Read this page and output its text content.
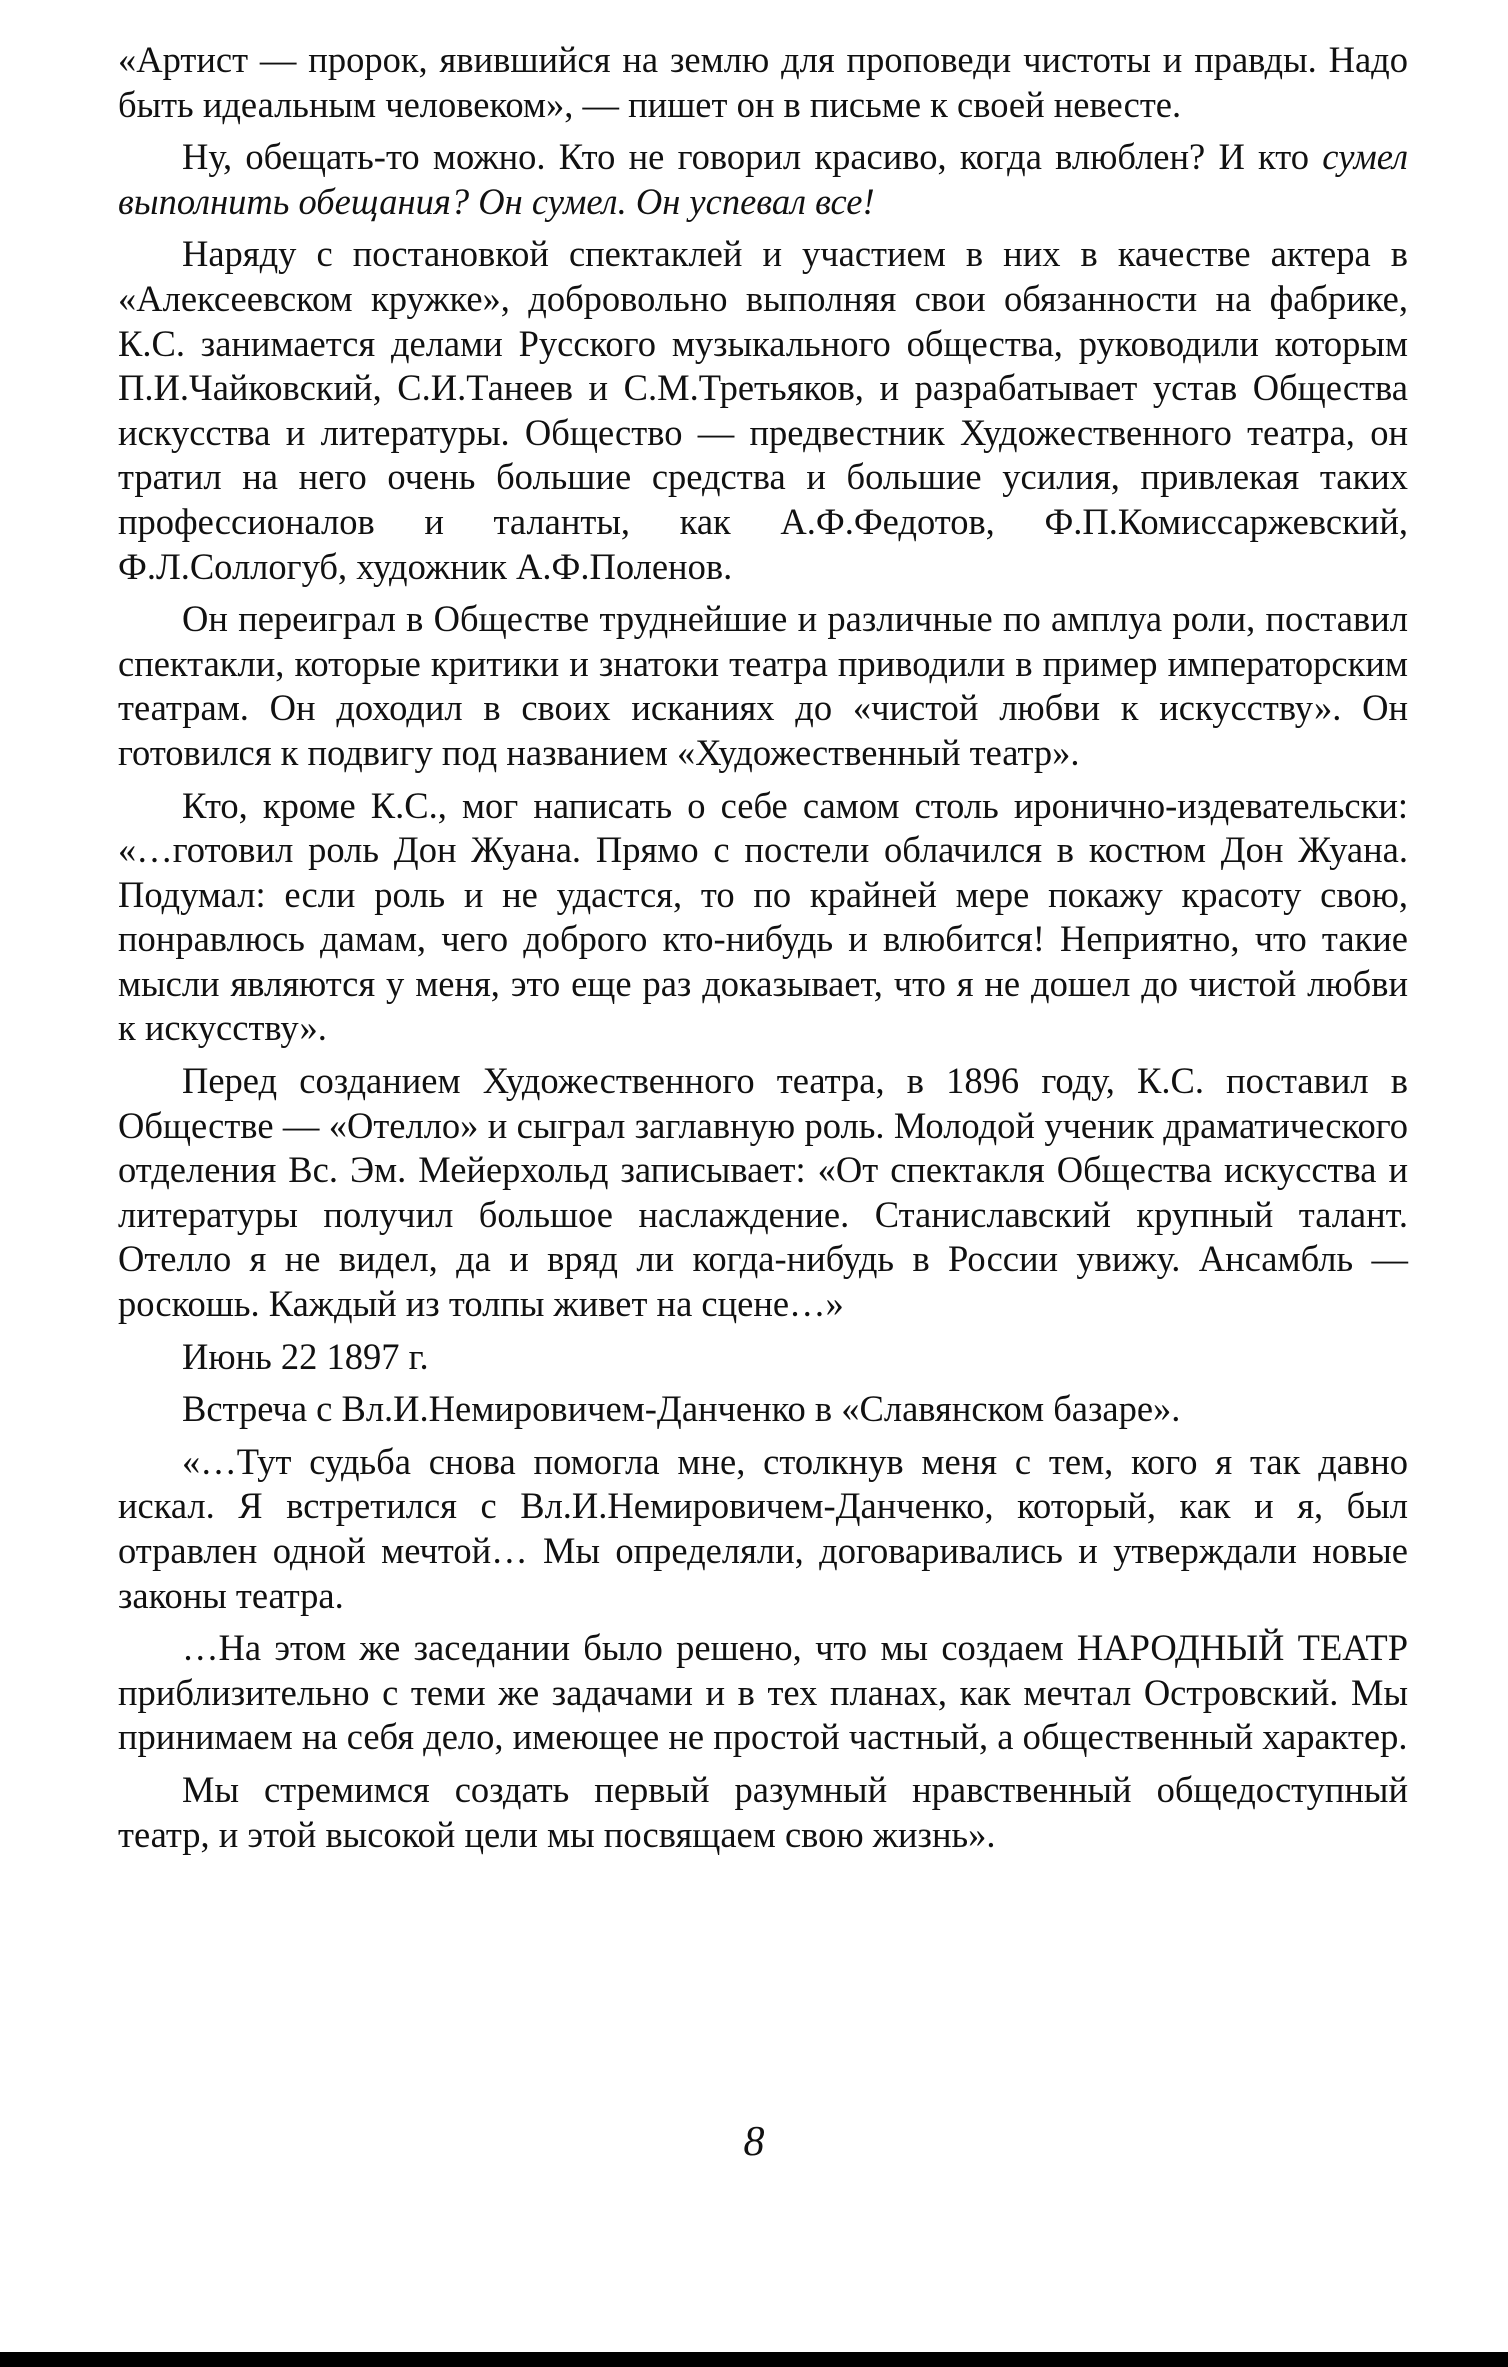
«Артист — пророк, явившийся на землю для проповеди чистоты и правды. Надо быть идеальным человеком», — пишет он в письме к своей невесте.

Ну, обещать-то можно. Кто не говорил красиво, когда влюблен? И кто сумел выполнить обещания? Он сумел. Он успевал все!

Наряду с постановкой спектаклей и участием в них в качестве актера в «Алексеевском кружке», добровольно выполняя свои обязанности на фабрике, К.С. занимается делами Русского музыкального общества, руководили которым П.И.Чайковский, С.И.Танеев и С.М.Третьяков, и разрабатывает устав Общества искусства и литературы. Общество — предвестник Художественного театра, он тратил на него очень большие средства и большие усилия, привлекая таких профессионалов и таланты, как А.Ф.Федотов, Ф.П.Комиссаржевский, Ф.Л.Соллогуб, художник А.Ф.Поленов.

Он переиграл в Обществе труднейшие и различные по амплуа роли, поставил спектакли, которые критики и знатоки театра приводили в пример императорским театрам. Он доходил в своих исканиях до «чистой любви к искусству». Он готовился к подвигу под названием «Художественный театр».

Кто, кроме К.С., мог написать о себе самом столь иронично-издевательски: «…готовил роль Дон Жуана. Прямо с постели облачился в костюм Дон Жуана. Подумал: если роль и не удастся, то по крайней мере покажу красоту свою, понравлюсь дамам, чего доброго кто-нибудь и влюбится! Неприятно, что такие мысли являются у меня, это еще раз доказывает, что я не дошел до чистой любви к искусству».

Перед созданием Художественного театра, в 1896 году, К.С. поставил в Обществе — «Отелло» и сыграл заглавную роль. Молодой ученик драматического отделения Вс. Эм. Мейерхольд записывает: «От спектакля Общества искусства и литературы получил большое наслаждение. Станиславский крупный талант. Отелло я не видел, да и вряд ли когда-нибудь в России увижу. Ансамбль — роскошь. Каждый из толпы живет на сцене…»

Июнь 22 1897 г.

Встреча с Вл.И.Немировичем-Данченко в «Славянском базаре».

«…Тут судьба снова помогла мне, столкнув меня с тем, кого я так давно искал. Я встретился с Вл.И.Немировичем-Данченко, который, как и я, был отравлен одной мечтой… Мы определяли, договаривались и утверждали новые законы театра.

…На этом же заседании было решено, что мы создаем НАРОДНЫЙ ТЕАТР приблизительно с теми же задачами и в тех планах, как мечтал Островский. Мы принимаем на себя дело, имеющее не простой частный, а общественный характер.

Мы стремимся создать первый разумный нравственный общедоступный театр, и этой высокой цели мы посвящаем свою жизнь».

8
